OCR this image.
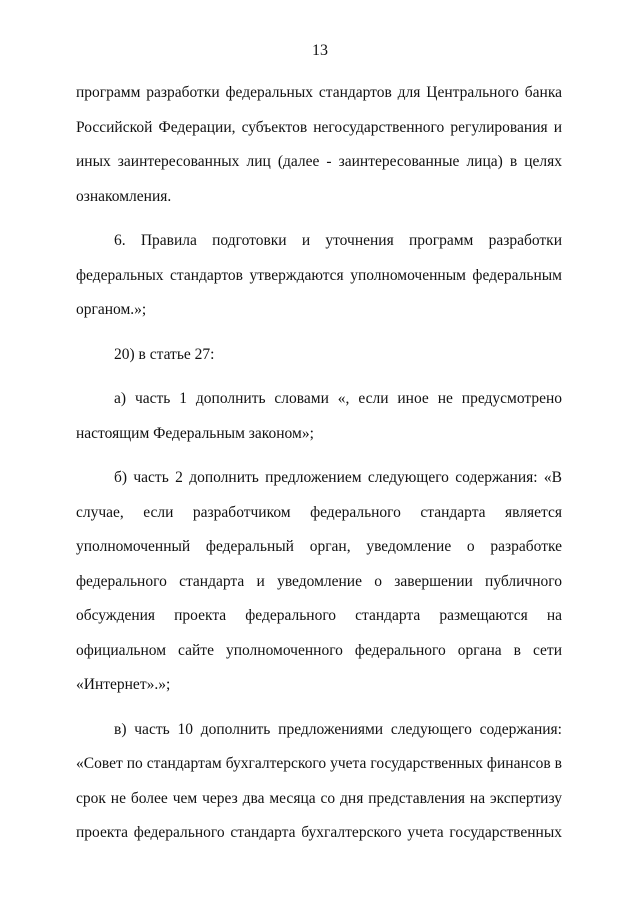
13

программ разработки федеральных стандартов для Центрального банка Российской Федерации, субъектов негосударственного регулирования и иных заинтересованных лиц (далее - заинтересованные лица) в целях ознакомления.

6. Правила подготовки и уточнения программ разработки федеральных стандартов утверждаются уполномоченным федеральным органом.»;

20) в статье 27:

а) часть 1 дополнить словами «, если иное не предусмотрено настоящим Федеральным законом»;

б) часть 2 дополнить предложением следующего содержания: «В случае, если разработчиком федерального стандарта является уполномоченный федеральный орган, уведомление о разработке федерального стандарта и уведомление о завершении публичного обсуждения проекта федерального стандарта размещаются на официальном сайте уполномоченного федерального органа в сети «Интернет».»;

в) часть 10 дополнить предложениями следующего содержания: «Совет по стандартам бухгалтерского учета государственных финансов в срок не более чем через два месяца со дня представления на экспертизу проекта федерального стандарта бухгалтерского учета государственных
